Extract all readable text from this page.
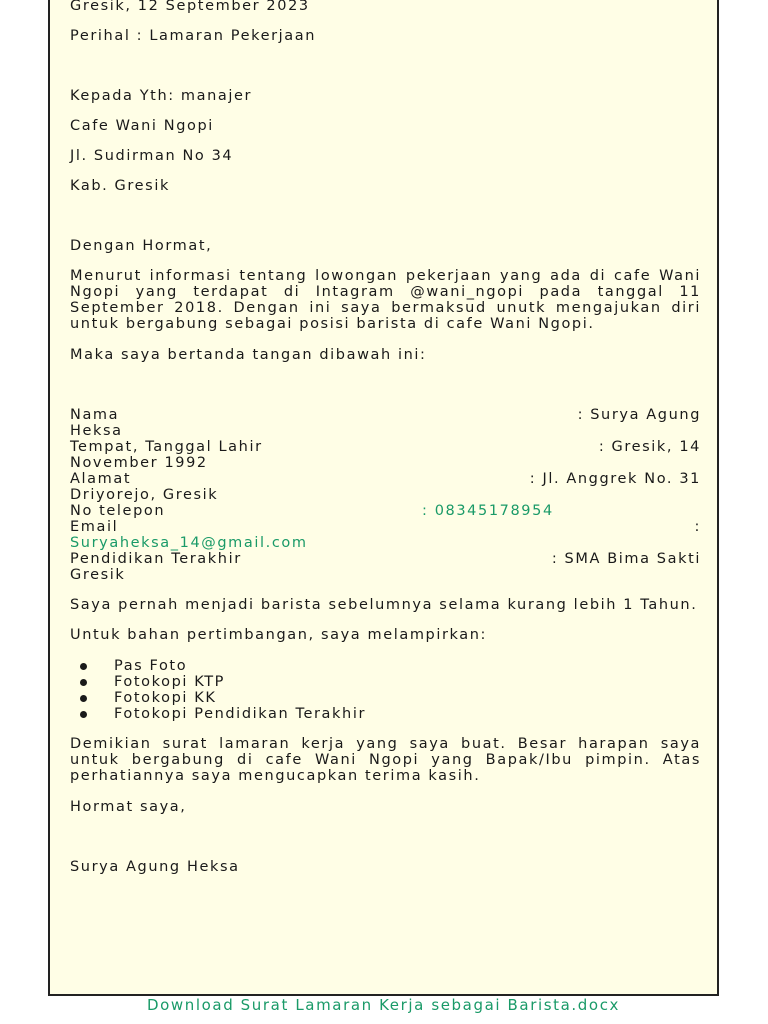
Gresik, 12 September 2023

Perihal : Lamaran Pekerjaan

Kepada Yth: manajer

Cafe Wani Ngopi

Jl. Sudirman No 34

Kab. Gresik

Dengan Hormat,

Menurut informasi tentang lowongan pekerjaan yang ada di cafe Wani Ngopi yang terdapat di Intagram @wani_ngopi pada tanggal 11 September 2018. Dengan ini saya bermaksud unutk mengajukan diri untuk bergabung sebagai posisi barista di cafe Wani Ngopi.

Maka saya bertanda tangan dibawah ini:

Nama	: Surya Agung
Heksa
Tempat, Tanggal Lahir	: Gresik, 14
November 1992
Alamat	: Jl. Anggrek No. 31
Driyorejo, Gresik
No telepon	: 08345178954
Email	:
Suryaheksa_14@gmail.com
Pendidikan Terakhir	: SMA Bima Sakti
Gresik

Saya pernah menjadi barista sebelumnya selama kurang lebih 1 Tahun.

Untuk bahan pertimbangan, saya melampirkan:

Pas Foto
Fotokopi KTP
Fotokopi KK
Fotokopi Pendidikan Terakhir

Demikian surat lamaran kerja yang saya buat. Besar harapan saya untuk bergabung di cafe Wani Ngopi yang Bapak/Ibu pimpin. Atas perhatiannya saya mengucapkan terima kasih.

Hormat saya,

Surya Agung Heksa

Download Surat Lamaran Kerja sebagai Barista.docx
